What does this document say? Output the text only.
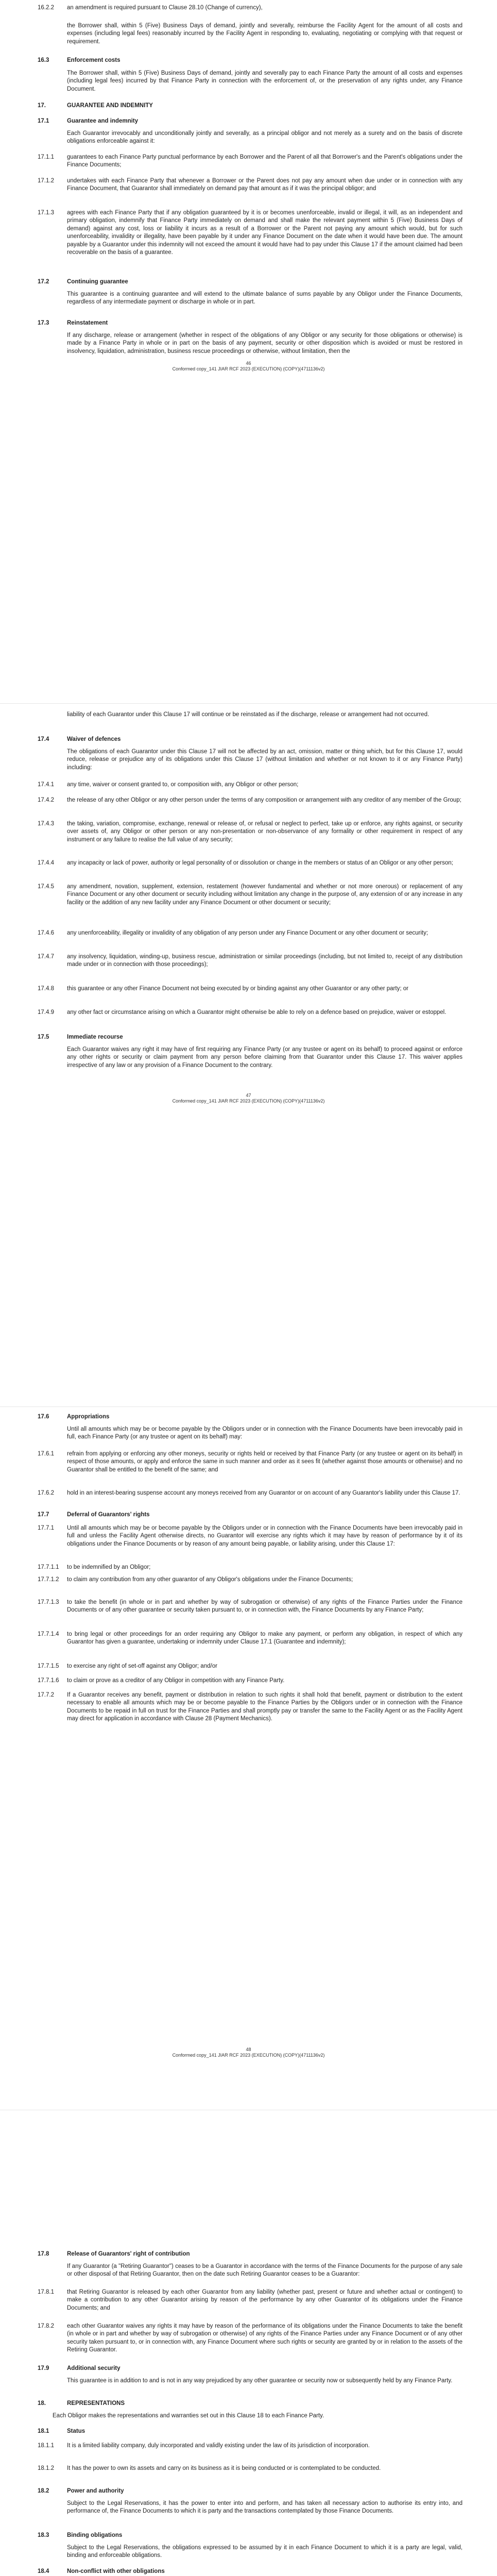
16.2.2 an amendment is required pursuant to Clause 28.10 (Change of currency),
the Borrower shall, within 5 (Five) Business Days of demand, jointly and severally, reimburse the Facility Agent for the amount of all costs and expenses (including legal fees) reasonably incurred by the Facility Agent in responding to, evaluating, negotiating or complying with that request or requirement.
16.3	Enforcement costs
The Borrower shall, within 5 (Five) Business Days of demand, jointly and severally pay to each Finance Party the amount of all costs and expenses (including legal fees) incurred by that Finance Party in connection with the enforcement of, or the preservation of any rights under, any Finance Document.
17.	GUARANTEE AND INDEMNITY
17.1	Guarantee and indemnity
Each Guarantor irrevocably and unconditionally jointly and severally, as a principal obligor and not merely as a surety and on the basis of discrete obligations enforceable against it:
17.1.1 guarantees to each Finance Party punctual performance by each Borrower and the Parent of all that Borrower's and the Parent's obligations under the Finance Documents;
17.1.2 undertakes with each Finance Party that whenever a Borrower or the Parent does not pay any amount when due under or in connection with any Finance Document, that Guarantor shall immediately on demand pay that amount as if it was the principal obligor; and
17.1.3 agrees with each Finance Party that if any obligation guaranteed by it is or becomes unenforceable, invalid or illegal, it will, as an independent and primary obligation, indemnify that Finance Party immediately on demand and shall make the relevant payment within 5 (Five) Business Days of demand) against any cost, loss or liability it incurs as a result of a Borrower or the Parent not paying any amount which would, but for such unenforceability, invalidity or illegality, have been payable by it under any Finance Document on the date when it would have been due. The amount payable by a Guarantor under this indemnity will not exceed the amount it would have had to pay under this Clause 17 if the amount claimed had been recoverable on the basis of a guarantee.
17.2	Continuing guarantee
This guarantee is a continuing guarantee and will extend to the ultimate balance of sums payable by any Obligor under the Finance Documents, regardless of any intermediate payment or discharge in whole or in part.
17.3	Reinstatement
If any discharge, release or arrangement (whether in respect of the obligations of any Obligor or any security for those obligations or otherwise) is made by a Finance Party in whole or in part on the basis of any payment, security or other disposition which is avoided or must be restored in insolvency, liquidation, administration, business rescue proceedings or otherwise, without limitation, then the
46
Conformed copy_141 JIAR RCF 2023 (EXECUTION) (COPY)(4711136v2)
liability of each Guarantor under this Clause 17 will continue or be reinstated as if the discharge, release or arrangement had not occurred.
17.4	Waiver of defences
The obligations of each Guarantor under this Clause 17 will not be affected by an act, omission, matter or thing which, but for this Clause 17, would reduce, release or prejudice any of its obligations under this Clause 17 (without limitation and whether or not known to it or any Finance Party) including:
17.4.1 any time, waiver or consent granted to, or composition with, any Obligor or other person;
17.4.2 the release of any other Obligor or any other person under the terms of any composition or arrangement with any creditor of any member of the Group;
17.4.3 the taking, variation, compromise, exchange, renewal or release of, or refusal or neglect to perfect, take up or enforce, any rights against, or security over assets of, any Obligor or other person or any non-presentation or non-observance of any formality or other requirement in respect of any instrument or any failure to realise the full value of any security;
17.4.4 any incapacity or lack of power, authority or legal personality of or dissolution or change in the members or status of an Obligor or any other person;
17.4.5 any amendment, novation, supplement, extension, restatement (however fundamental and whether or not more onerous) or replacement of any Finance Document or any other document or security including without limitation any change in the purpose of, any extension of or any increase in any facility or the addition of any new facility under any Finance Document or other document or security;
17.4.6 any unenforceability, illegality or invalidity of any obligation of any person under any Finance Document or any other document or security;
17.4.7 any insolvency, liquidation, winding-up, business rescue, administration or similar proceedings (including, but not limited to, receipt of any distribution made under or in connection with those proceedings);
17.4.8 this guarantee or any other Finance Document not being executed by or binding against any other Guarantor or any other party; or
17.4.9 any other fact or circumstance arising on which a Guarantor might otherwise be able to rely on a defence based on prejudice, waiver or estoppel.
17.5	Immediate recourse
Each Guarantor waives any right it may have of first requiring any Finance Party (or any trustee or agent on its behalf) to proceed against or enforce any other rights or security or claim payment from any person before claiming from that Guarantor under this Clause 17. This waiver applies irrespective of any law or any provision of a Finance Document to the contrary.
47
Conformed copy_141 JIAR RCF 2023 (EXECUTION) (COPY)(4711136v2)
17.6	Appropriations
Until all amounts which may be or become payable by the Obligors under or in connection with the Finance Documents have been irrevocably paid in full, each Finance Party (or any trustee or agent on its behalf) may:
17.6.1 refrain from applying or enforcing any other moneys, security or rights held or received by that Finance Party (or any trustee or agent on its behalf) in respect of those amounts, or apply and enforce the same in such manner and order as it sees fit (whether against those amounts or otherwise) and no Guarantor shall be entitled to the benefit of the same; and
17.6.2 hold in an interest-bearing suspense account any moneys received from any Guarantor or on account of any Guarantor's liability under this Clause 17.
17.7	Deferral of Guarantors' rights
17.7.1 Until all amounts which may be or become payable by the Obligors under or in connection with the Finance Documents have been irrevocably paid in full and unless the Facility Agent otherwise directs, no Guarantor will exercise any rights which it may have by reason of performance by it of its obligations under the Finance Documents or by reason of any amount being payable, or liability arising, under this Clause 17:
17.7.1.1 to be indemnified by an Obligor;
17.7.1.2 to claim any contribution from any other guarantor of any Obligor's obligations under the Finance Documents;
17.7.1.3 to take the benefit (in whole or in part and whether by way of subrogation or otherwise) of any rights of the Finance Parties under the Finance Documents or of any other guarantee or security taken pursuant to, or in connection with, the Finance Documents by any Finance Party;
17.7.1.4 to bring legal or other proceedings for an order requiring any Obligor to make any payment, or perform any obligation, in respect of which any Guarantor has given a guarantee, undertaking or indemnity under Clause 17.1 (Guarantee and indemnity);
17.7.1.5 to exercise any right of set-off against any Obligor; and/or
17.7.1.6 to claim or prove as a creditor of any Obligor in competition with any Finance Party.
17.7.2 If a Guarantor receives any benefit, payment or distribution in relation to such rights it shall hold that benefit, payment or distribution to the extent necessary to enable all amounts which may be or become payable to the Finance Parties by the Obligors under or in connection with the Finance Documents to be repaid in full on trust for the Finance Parties and shall promptly pay or transfer the same to the Facility Agent or as the Facility Agent may direct for application in accordance with Clause 28 (Payment Mechanics).
48
Conformed copy_141 JIAR RCF 2023 (EXECUTION) (COPY)(4711136v2)
17.8	Release of Guarantors' right of contribution
If any Guarantor (a "Retiring Guarantor") ceases to be a Guarantor in accordance with the terms of the Finance Documents for the purpose of any sale or other disposal of that Retiring Guarantor, then on the date such Retiring Guarantor ceases to be a Guarantor:
17.8.1 that Retiring Guarantor is released by each other Guarantor from any liability (whether past, present or future and whether actual or contingent) to make a contribution to any other Guarantor arising by reason of the performance by any other Guarantor of its obligations under the Finance Documents; and
17.8.2 each other Guarantor waives any rights it may have by reason of the performance of its obligations under the Finance Documents to take the benefit (in whole or in part and whether by way of subrogation or otherwise) of any rights of the Finance Parties under any Finance Document or of any other security taken pursuant to, or in connection with, any Finance Document where such rights or security are granted by or in relation to the assets of the Retiring Guarantor.
17.9	Additional security
This guarantee is in addition to and is not in any way prejudiced by any other guarantee or security now or subsequently held by any Finance Party.
18.	REPRESENTATIONS
Each Obligor makes the representations and warranties set out in this Clause 18 to each Finance Party.
18.1	Status
18.1.1 It is a limited liability company, duly incorporated and validly existing under the law of its jurisdiction of incorporation.
18.1.2 It has the power to own its assets and carry on its business as it is being conducted or is contemplated to be conducted.
18.2	Power and authority
Subject to the Legal Reservations, it has the power to enter into and perform, and has taken all necessary action to authorise its entry into, and performance of, the Finance Documents to which it is party and the transactions contemplated by those Finance Documents.
18.3	Binding obligations
Subject to the Legal Reservations, the obligations expressed to be assumed by it in each Finance Document to which it is a party are legal, valid, binding and enforceable obligations.
18.4	Non-conflict with other obligations
